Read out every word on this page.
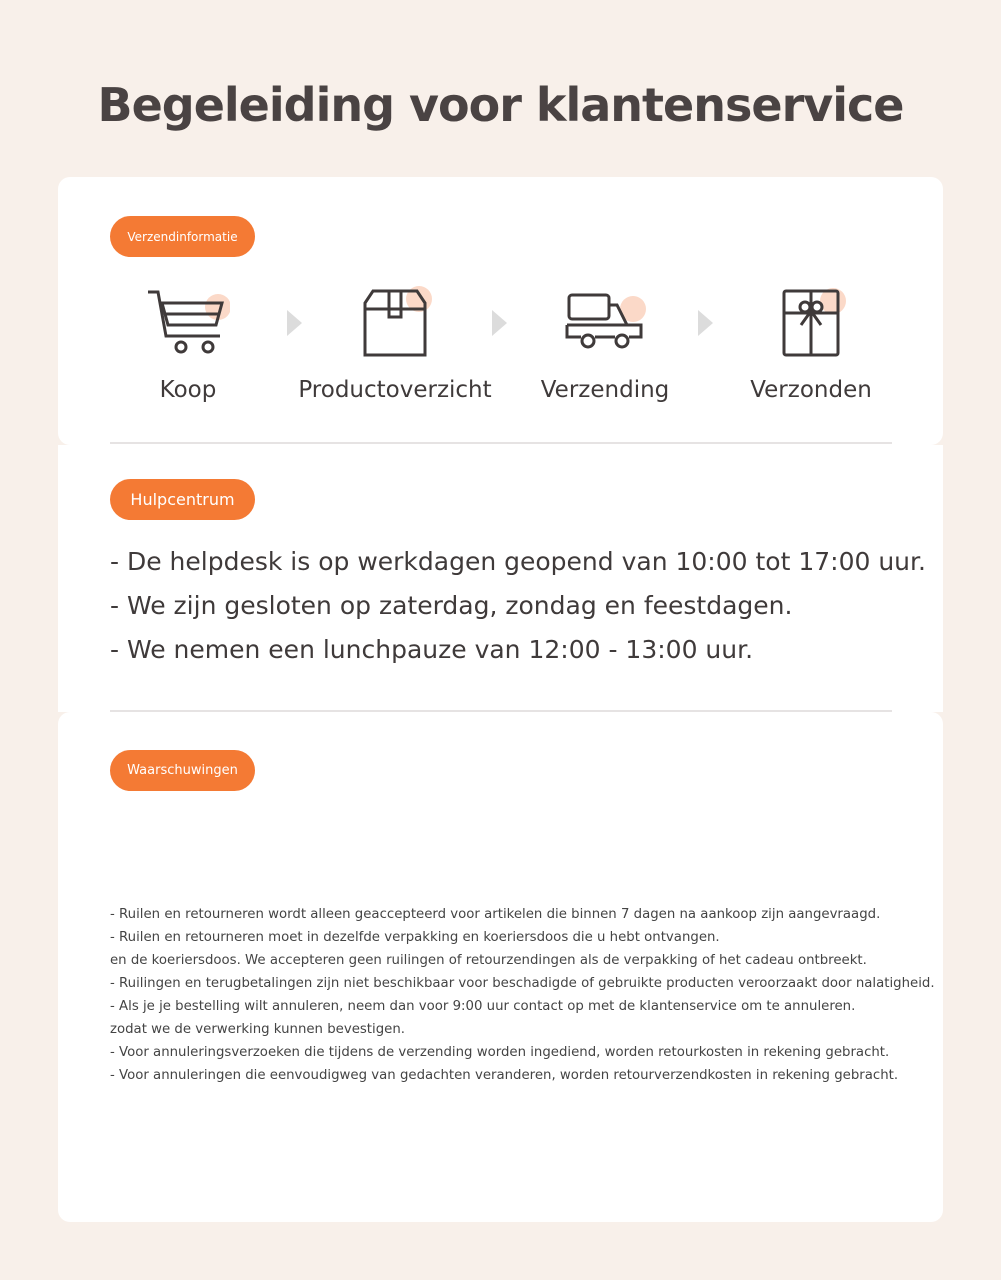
Begeleiding voor klantenservice
Verzendinformatie
Koop	Productoverzicht	Verzending	Verzonden
Hulpcentrum
- De helpdesk is op werkdagen geopend van 10:00 tot 17:00 uur.
- We zijn gesloten op zaterdag, zondag en feestdagen.
- We nemen een lunchpauze van 12:00 - 13:00 uur.
Waarschuwingen
- Ruilen en retourneren wordt alleen geaccepteerd voor artikelen die binnen 7 dagen na aankoop zijn aangevraagd.
- Ruilen en retourneren moet in dezelfde verpakking en koeriersdoos die u hebt ontvangen.
en de koeriersdoos. We accepteren geen ruilingen of retourzendingen als de verpakking of het cadeau ontbreekt.
- Ruilingen en terugbetalingen zijn niet beschikbaar voor beschadigde of gebruikte producten veroorzaakt door nalatigheid.
- Als je je bestelling wilt annuleren, neem dan voor 9:00 uur contact op met de klantenservice om te annuleren.
zodat we de verwerking kunnen bevestigen.
- Voor annuleringsverzoeken die tijdens de verzending worden ingediend, worden retourkosten in rekening gebracht.
- Voor annuleringen die eenvoudigweg van gedachten veranderen, worden retourverzendkosten in rekening gebracht.
